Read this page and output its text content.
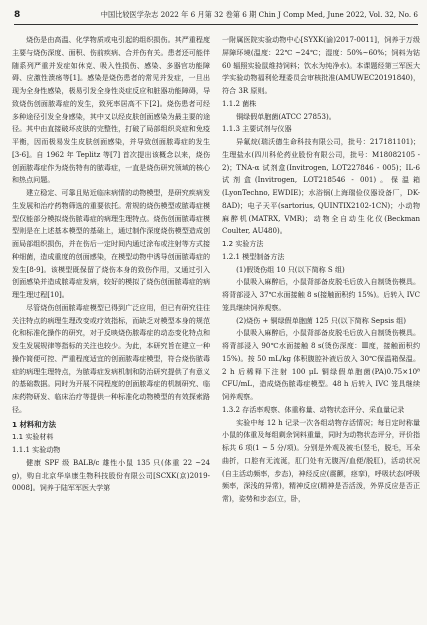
8	中国比较医学杂志 2022 年 6 月第 32 卷第 6 期 Chin J Comp Med, June 2022, Vol. 32, No. 6

烧伤是由高温、化学物质或电引起的组织损伤。其严重程度主要与烧伤深度、面积、伤前疾病、合并伤有关。患者还可能伴随系列严重并发症如休克、吸入性损伤、感染、多器官功能障碍、应激性溃疡等[1]。感染是烧伤患者的常见并发症，一旦出现为全身性感染，极易引发全身性炎症反应和脏器功能障碍，导致烧伤创面脓毒症的发生，致死率居高不下[2]。烧伤患者可经多种途径引发全身感染，其中又以经皮肤创面感染为最主要的途径。其中由直接破坏皮肤的完整性，打破了局部组织炎症和免疫平衡，因而极易发生皮肤创面感染，并导致创面脓毒症的发生[3-6]。自 1962 年 Teplitz 等[7] 首次提出该概念以来，烧伤创面脓毒症作为烧伤特有的脓毒症，一直是烧伤研究领域的核心和热点问题。

建立稳定、可靠且贴近临床病情的动物模型，是研究疾病发生发展和治疗药物筛选的重要依托。常规的烧伤模型或脓毒症模型仅能部分模拟烧伤脓毒症的病理生理特点。烧伤创面脓毒症模型则是在上述基本模型的基础上，通过制作深度烧伤模型造成创面局部组织损伤，并在伤后一定时间内通过涂布或注射等方式接种细菌，造成重度的创面感染，在模型动物中诱导创面脓毒症的发生[8-9]。该模型既保留了烧伤本身的致伤作用，又通过引入创面感染并造成脓毒症发病，较好的模拟了烧伤创面脓毒症的病理生理过程[10]。

尽管烧伤创面脓毒症模型已得到广泛应用，但已有研究往往关注特点的病理生理改变或疗效指标，而缺乏对模型本身的规范化和标准化操作的研究，对于反映烧伤脓毒症的动态变化特点和发生发展规律等指标的关注也较少。为此，本研究旨在建立一种操作简便可控、严重程度适宜的创面脓毒症模型，符合烧伤脓毒症的病理生理特点，为脓毒症发病机制和防治研究提供了有意义的基础数据。同时为开展不同程度的创面脓毒症的机制研究、临床药物研发、临床治疗等提供一种标准化动物模型的有效探索路径。

1 材料和方法

1.1 实验材料

1.1.1 实验动物

健康 SPF 级 BALB/c 雄性小鼠 135 只(体重 22 ~24 g)，购自北京华阜康生物科技股份有限公司[SCXK(京)2019-0008]。饲养于陆军军医大学第

一附属医院实验动物中心[SYXK(渝)2017-0011]，饲养于万级屏障环境(温度：22℃ ~24℃；湿度：50%~60%；饲料为钴 60 辐照实验鼠维持饲料；饮水为纯净水)。本课题经第三军医大学实验动物福利伦理委员会审核批准(AMUWEC20191840)，符合 3R 原则。

1.1.2 菌株

铜绿假单胞菌(ATCC 27853)。

1.1.3 主要试剂与仪器

异氟烷(瑞沃德生命科技有限公司，批号：217181101)；生理盐水(四川科伦药业股份有限公司，批号：M18082105 - 2)；TNA-α 试剂盒(Invitrogen, LOT227846 - 005)；IL-6 试剂盒(Invitrogen, LOT218546 - 001)。保温箱(LyonTechno, EWDIE)；水浴锅(上海瑞俭仪器设备厂，DK-8AD)；电子天平(sartorius, QUINTIX2102-1CN)；小动物麻醉机(MATRX, VMR)；动物全自动生化仪(Beckman Coulter, AU480)。

1.2 实验方法

1.2.1 模型制备方法

(1)假烫伤组 10 只(以下简称 S 组)

小鼠吸入麻醉后，小鼠背部备皮脱毛后放入自制烫伤模具。将背部浸入 37℃水面接触 8 s(接触面积约 15%)。后转入 IVC 笼具继续饲养观察。

(2)烧伤 + 铜绿假单胞菌 125 只(以下简称 Sepsis 组)

小鼠吸入麻醉后，小鼠背部备皮脱毛后放入自制烫伤模具。将背部浸入 90℃水面接触 8 s(烫伤深度：Ⅲ度，接触面积约 15%)。按 50 mL/kg 体积腹腔补液后放入 30℃保温箱保温。2 h 后稀释下注射 100 μL 铜绿假单胞菌(PA)0.75×10⁸ CFU/mL，造成烧伤脓毒症模型。48 h 后转入 IVC 笼具继续饲养观察。

1.3.2 存活率观察、体重称量、动物状态评分、采血量记录

实验中每 12 h 记录一次各组动物存活情况；每日定时称量小鼠的体重及每组剩余饲料重量，同时为动物状态评分，评价指标共 6 项(1 ~ 5 分/项)。分别是外观及被毛(竖毛，脱毛，耳朵曲折，口腔有无流涎，肛门处有无腹泻/血便/脱肛)，活动状况(自主活动频率，步态)，神经反应(震颤，痉挛)，呼吸状态(呼吸频率，深浅的异常)，精神反应(精神是否活泼，外界反应是否正常)，姿势和步态(立，卧，
